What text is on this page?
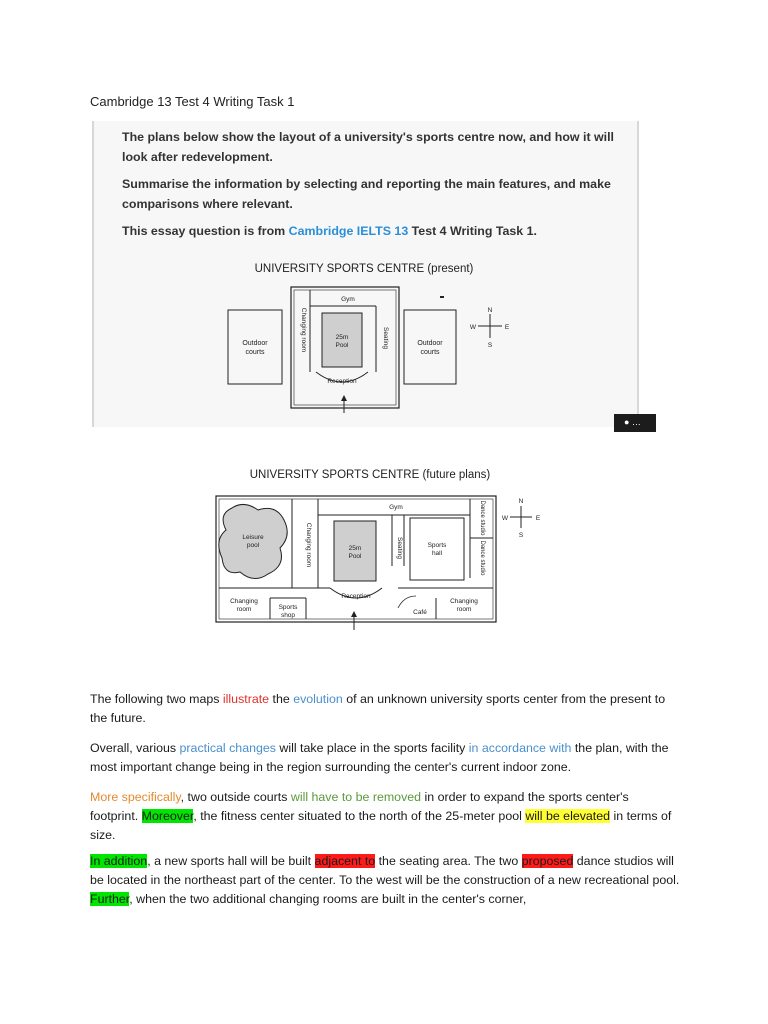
Cambridge 13 Test 4 Writing Task 1
The plans below show the layout of a university's sports centre now, and how it will look after redevelopment.
Summarise the information by selecting and reporting the main features, and make comparisons where relevant.
This essay question is from Cambridge IELTS 13 Test 4 Writing Task 1.
● …
UNIVERSITY SPORTS CENTRE (present)
Outdoor
courts
Changing room
Gym
25m
Pool	Seating
Reception
Outdoor
courts
N
S
W	E
UNIVERSITY SPORTS CENTRE (future plans)
Leisure
pool	Changing room
Gym
25m
Pool	Seating	Sports
hall
Dance studio
Dance studio
Changing
room	Sports
shop	Café
Changing
room
Reception
N
S
W	E
The following two maps illustrate the evolution of an unknown university sports center from the present to the future.
Overall, various practical changes will take place in the sports facility in accordance with the plan, with the most important change being in the region surrounding the center's current indoor zone.
More specifically, two outside courts will have to be removed in order to expand the sports center's footprint. Moreover, the fitness center situated to the north of the 25-meter pool will be elevated in terms of size.
In addition, a new sports hall will be built adjacent to the seating area. The two proposed dance studios will be located in the northeast part of the center. To the west will be the construction of a new recreational pool. Further, when the two additional changing rooms are built in the center's corner,
